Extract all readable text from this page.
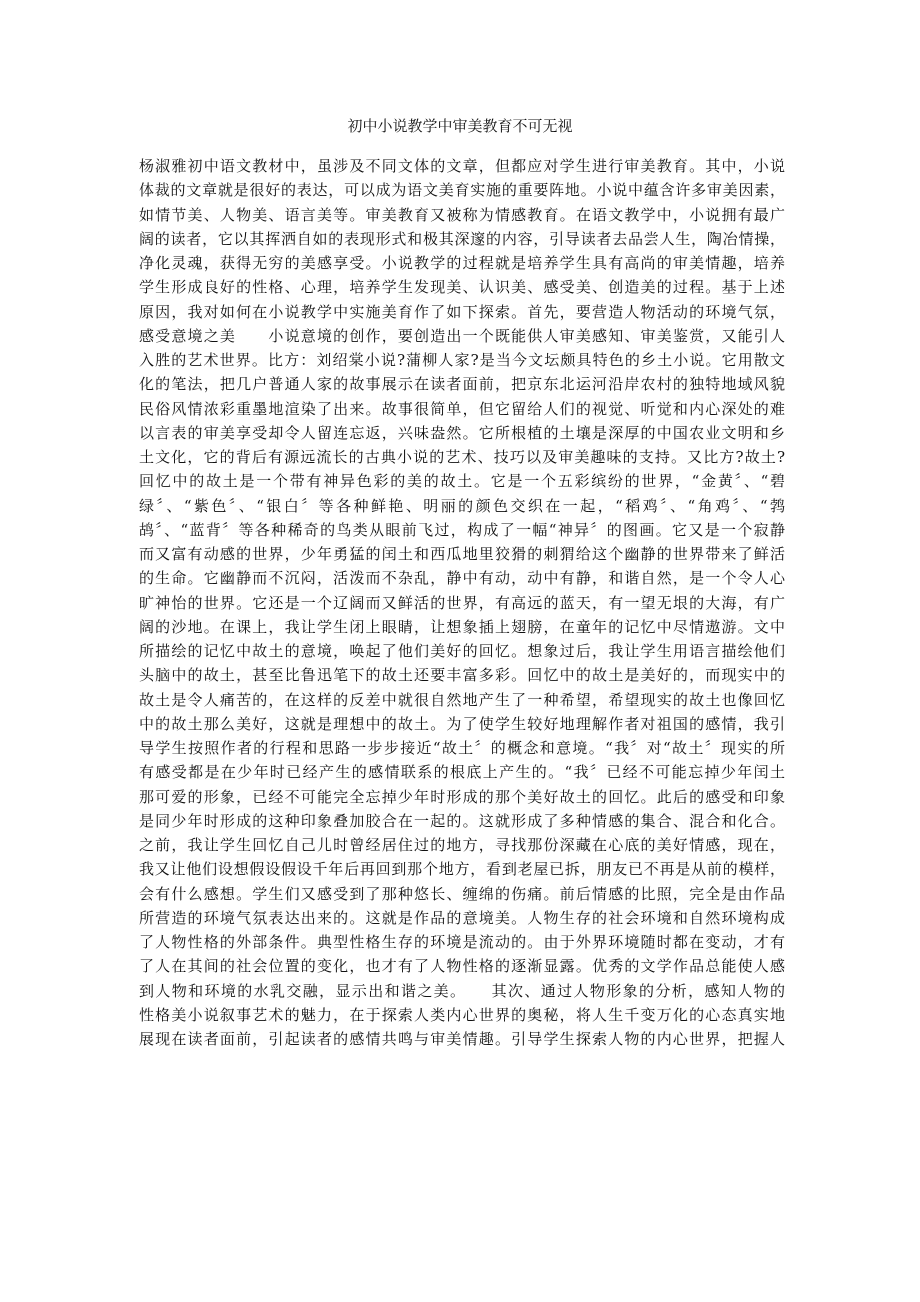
初中小说教学中审美教育不可无视

杨淑雅初中语文教材中，虽涉及不同文体的文章，但都应对学生进行审美教育。其中，小说

体裁的文章就是很好的表达，可以成为语文美育实施的重要阵地。小说中蕴含许多审美因素，

如情节美、人物美、语言美等。审美教育又被称为情感教育。在语文教学中，小说拥有最广

阔的读者，它以其挥洒自如的表现形式和极其深邃的内容，引导读者去品尝人生，陶冶情操，

净化灵魂，获得无穷的美感享受。小说教学的过程就是培养学生具有高尚的审美情趣，培养

学生形成良好的性格、心理，培养学生发现美、认识美、感受美、创造美的过程。基于上述

原因，我对如何在小说教学中实施美育作了如下探索。首先，要营造人物活动的环境气氛，

感受意境之美　　小说意境的创作，要创造出一个既能供人审美感知、审美鉴赏，又能引人

入胜的艺术世界。比方：刘绍棠小说?蒲柳人家?是当今文坛颇具特色的乡土小说。它用散文

化的笔法，把几户普通人家的故事展示在读者面前，把京东北运河沿岸农村的独特地域风貌

民俗风情浓彩重墨地渲染了出来。故事很简单，但它留给人们的视觉、听觉和内心深处的难

以言表的审美享受却令人留连忘返，兴味盎然。它所根植的土壤是深厚的中国农业文明和乡

土文化，它的背后有源远流长的古典小说的艺术、技巧以及审美趣味的支持。又比方?故土?

回忆中的故土是一个带有神异色彩的美的故土。它是一个五彩缤纷的世界，“金黄〞、“碧

绿〞、“紫色〞、“银白〞等各种鲜艳、明丽的颜色交织在一起，“稻鸡〞、“角鸡〞、“鹁

鸪〞、“蓝背〞等各种稀奇的鸟类从眼前飞过，构成了一幅“神异〞的图画。它又是一个寂静

而又富有动感的世界，少年勇猛的闰土和西瓜地里狡猾的刺猬给这个幽静的世界带来了鲜活

的生命。它幽静而不沉闷，活泼而不杂乱，静中有动，动中有静，和谐自然，是一个令人心

旷神怡的世界。它还是一个辽阔而又鲜活的世界，有高远的蓝天，有一望无垠的大海，有广

阔的沙地。在课上，我让学生闭上眼睛，让想象插上翅膀，在童年的记忆中尽情遨游。文中

所描绘的记忆中故土的意境，唤起了他们美好的回忆。想象过后，我让学生用语言描绘他们

头脑中的故土，甚至比鲁迅笔下的故土还要丰富多彩。回忆中的故土是美好的，而现实中的

故土是令人痛苦的，在这样的反差中就很自然地产生了一种希望，希望现实的故土也像回忆

中的故土那么美好，这就是理想中的故土。为了使学生较好地理解作者对祖国的感情，我引

导学生按照作者的行程和思路一步步接近“故土〞的概念和意境。“我〞对“故土〞现实的所

有感受都是在少年时已经产生的感情联系的根底上产生的。“我〞已经不可能忘掉少年闰土

那可爱的形象，已经不可能完全忘掉少年时形成的那个美好故土的回忆。此后的感受和印象

是同少年时形成的这种印象叠加胶合在一起的。这就形成了多种情感的集合、混合和化合。

之前，我让学生回忆自己儿时曾经居住过的地方，寻找那份深藏在心底的美好情感，现在，

我又让他们设想假设假设千年后再回到那个地方，看到老屋已拆，朋友已不再是从前的模样，

会有什么感想。学生们又感受到了那种悠长、缠绵的伤痛。前后情感的比照，完全是由作品

所营造的环境气氛表达出来的。这就是作品的意境美。人物生存的社会环境和自然环境构成

了人物性格的外部条件。典型性格生存的环境是流动的。由于外界环境随时都在变动，才有

了人在其间的社会位置的变化，也才有了人物性格的逐渐显露。优秀的文学作品总能使人感

到人物和环境的水乳交融，显示出和谐之美。　　其次、通过人物形象的分析，感知人物的

性格美小说叙事艺术的魅力，在于探索人类内心世界的奥秘，将人生千变万化的心态真实地

展现在读者面前，引起读者的感情共鸣与审美情趣。引导学生探索人物的内心世界，把握人
